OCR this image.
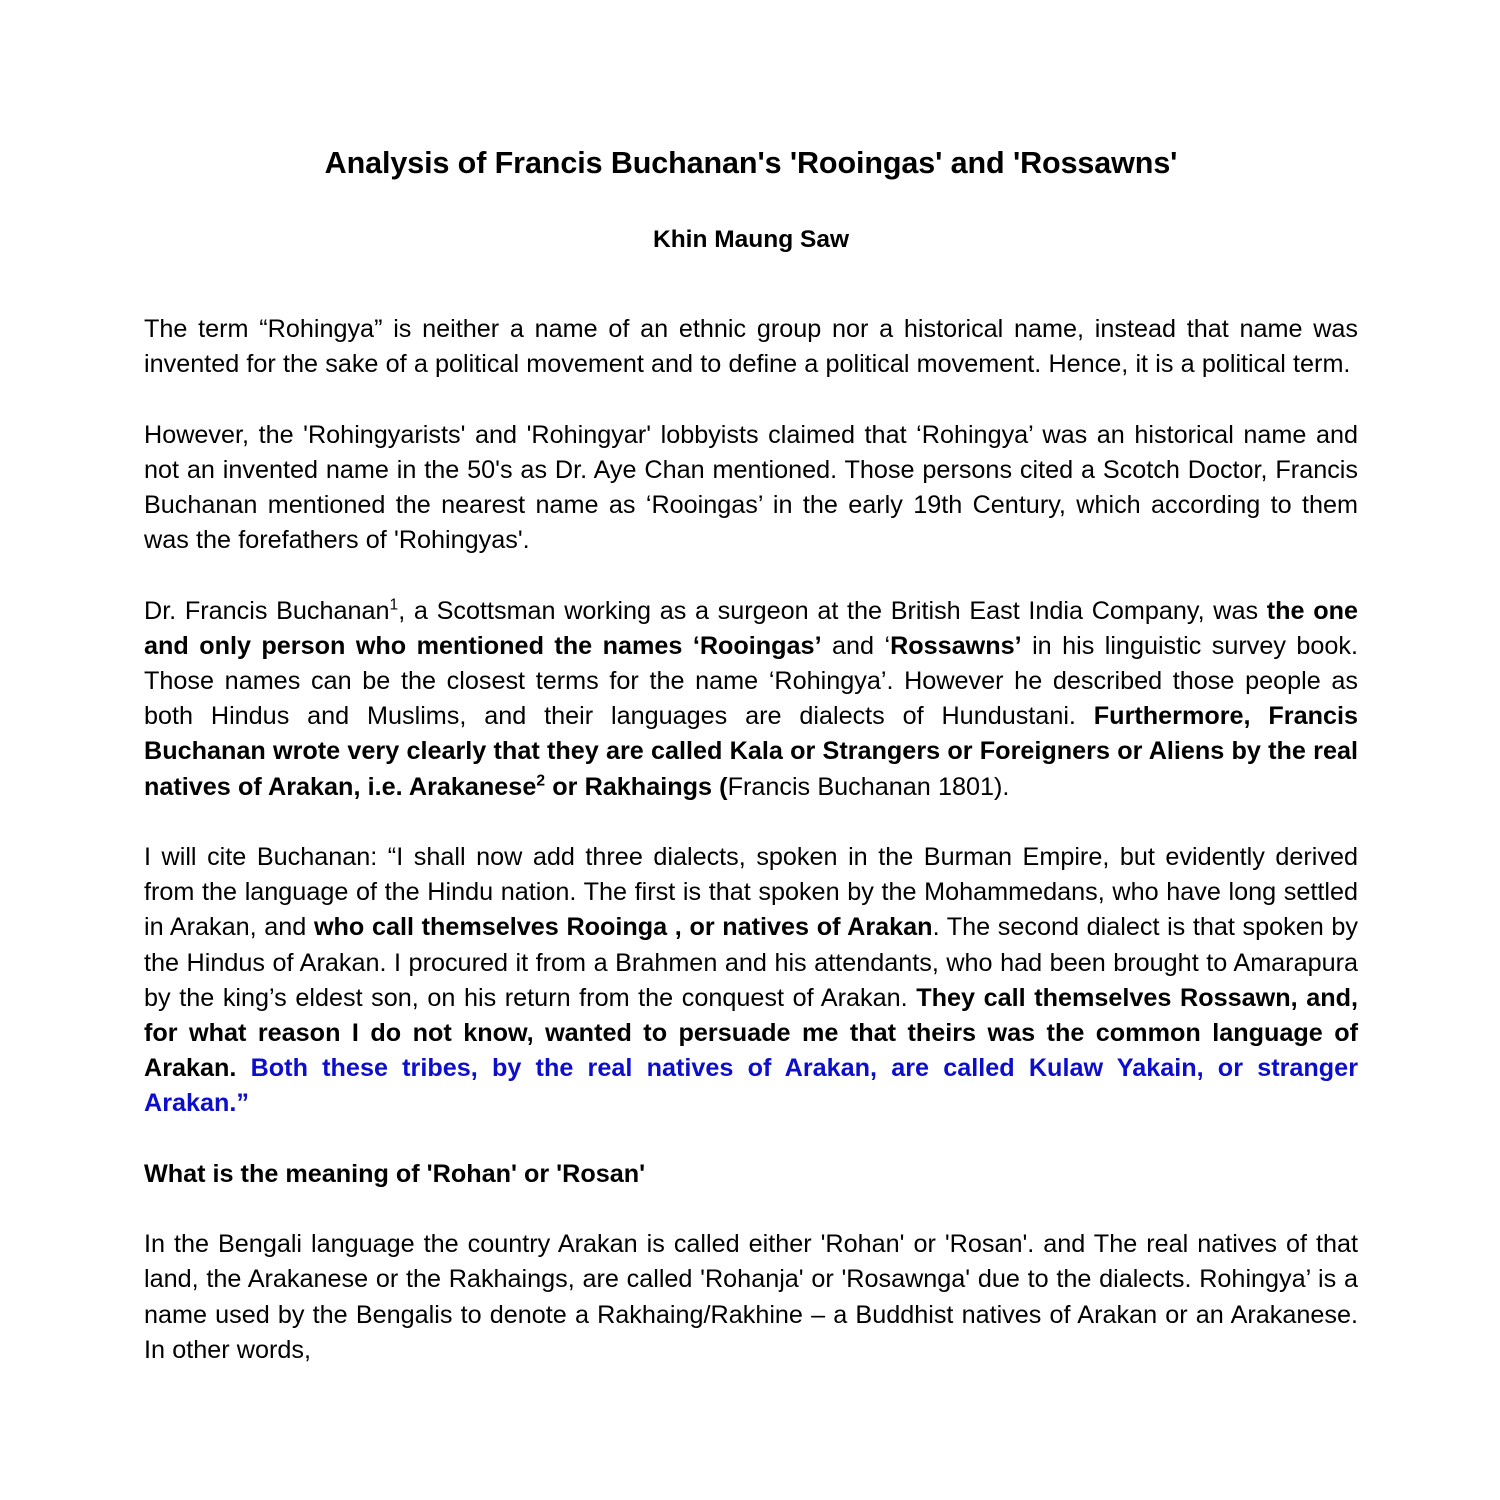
Analysis of Francis Buchanan's 'Rooingas' and 'Rossawns'
Khin Maung Saw

The term “Rohingya” is neither a name of an ethnic group nor a historical name, instead that name was invented for the sake of a political movement and to define a political movement. Hence, it is a political term.

However, the 'Rohingyarists' and 'Rohingyar' lobbyists claimed that ‘Rohingya’ was an historical name and not an invented name in the 50's as Dr. Aye Chan mentioned. Those persons cited a Scotch Doctor, Francis Buchanan mentioned the nearest name as ‘Rooingas’ in the early 19th Century, which according to them was the forefathers of 'Rohingyas'.

Dr. Francis Buchanan$^1$, a Scottsman working as a surgeon at the British East India Company, was the one and only person who mentioned the names ‘Rooingas’ and ‘Rossawns’ in his linguistic survey book. Those names can be the closest terms for the name ‘Rohingya’. However he described those people as both Hindus and Muslims, and their languages are dialects of Hundustani. Furthermore, Francis Buchanan wrote very clearly that they are called Kala or Strangers or Foreigners or Aliens by the real natives of Arakan, i.e. Arakanese$^2$ or Rakhaings (Francis Buchanan 1801).

I will cite Buchanan: “I shall now add three dialects, spoken in the Burman Empire, but evidently derived from the language of the Hindu nation. The first is that spoken by the Mohammedans, who have long settled in Arakan, and who call themselves Rooinga , or natives of Arakan. The second dialect is that spoken by the Hindus of Arakan. I procured it from a Brahmen and his attendants, who had been brought to Amarapura by the king’s eldest son, on his return from the conquest of Arakan. They call themselves Rossawn, and, for what reason I do not know, wanted to persuade me that theirs was the common language of Arakan. Both these tribes, by the real natives of Arakan, are called Kulaw Yakain, or stranger Arakan.”

What is the meaning of 'Rohan' or 'Rosan'

In the Bengali language the country Arakan is called either 'Rohan' or 'Rosan'. and The real natives of that land, the Arakanese or the Rakhaings, are called 'Rohanja' or 'Rosawnga' due to the dialects. Rohingya’ is a name used by the Bengalis to denote a Rakhaing/Rakhine – a Buddhist natives of Arakan or an Arakanese. In other words,
